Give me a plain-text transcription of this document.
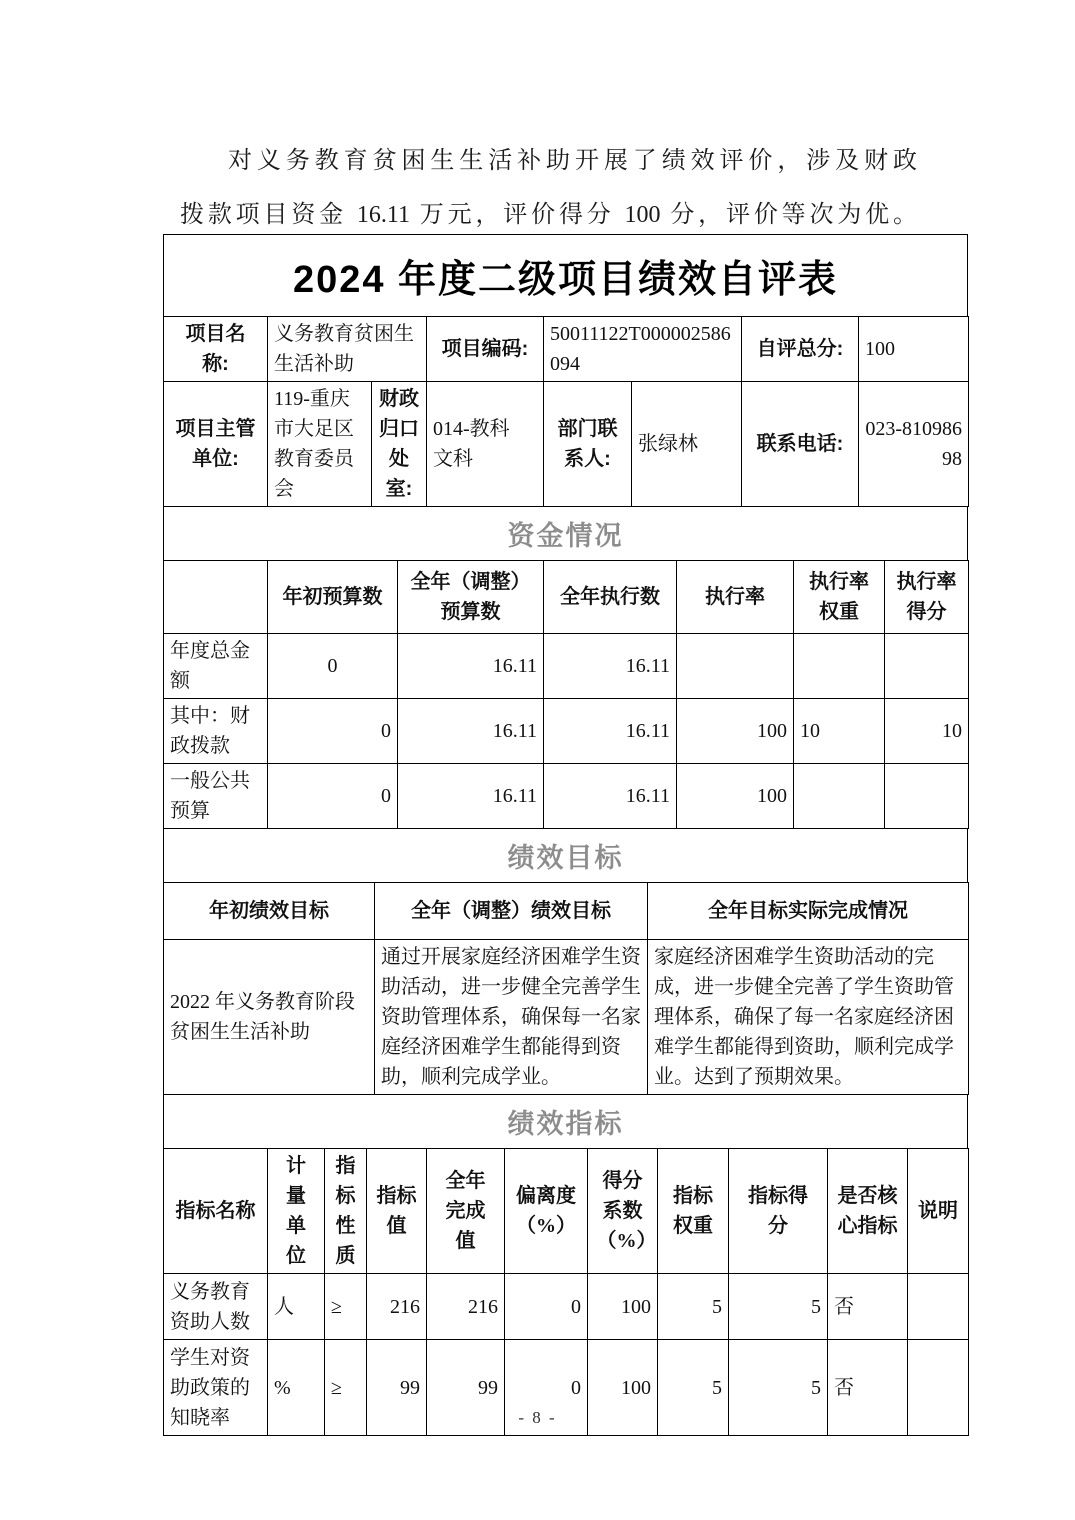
对义务教育贫困生生活补助开展了绩效评价，涉及财政
拨款项目资金 16.11 万元，评价得分 100 分，评价等次为优。
2024 年度二级项目绩效自评表
项目名称:	义务教育贫困生生活补助		项目编码:	50011122T000002586094		自评总分:	100
项目主管单位:	119-重庆市大足区教育委员会	财政归口处室:	014-教科文科	部门联系人:	张绿林	联系电话:	023-81098698
资金情况
	年初预算数	全年（调整）预算数	全年执行数	执行率	执行率权重	执行率得分
年度总金额	0	16.11	16.11			
其中：财政拨款	0	16.11	16.11	100	10	10
一般公共预算	0	16.11	16.11	100		
绩效目标
年初绩效目标	全年（调整）绩效目标	全年目标实际完成情况
2022 年义务教育阶段贫困生生活补助	通过开展家庭经济困难学生资助活动，进一步健全完善学生资助管理体系，确保每一名家庭经济困难学生都能得到资助，顺利完成学业。	家庭经济困难学生资助活动的完成，进一步健全完善了学生资助管理体系，确保了每一名家庭经济困难学生都能得到资助，顺利完成学业。达到了预期效果。
绩效指标
指标名称	计量单位	指标性质	指标值	全年完成值	偏离度（%）	得分系数（%）	指标权重	指标得分	是否核心指标	说明
义务教育资助人数	人	≥	216	216	0	100	5	5	否	
学生对资助政策的知晓率	%	≥	99	99	0	100	5	5	否	
- 8 -
